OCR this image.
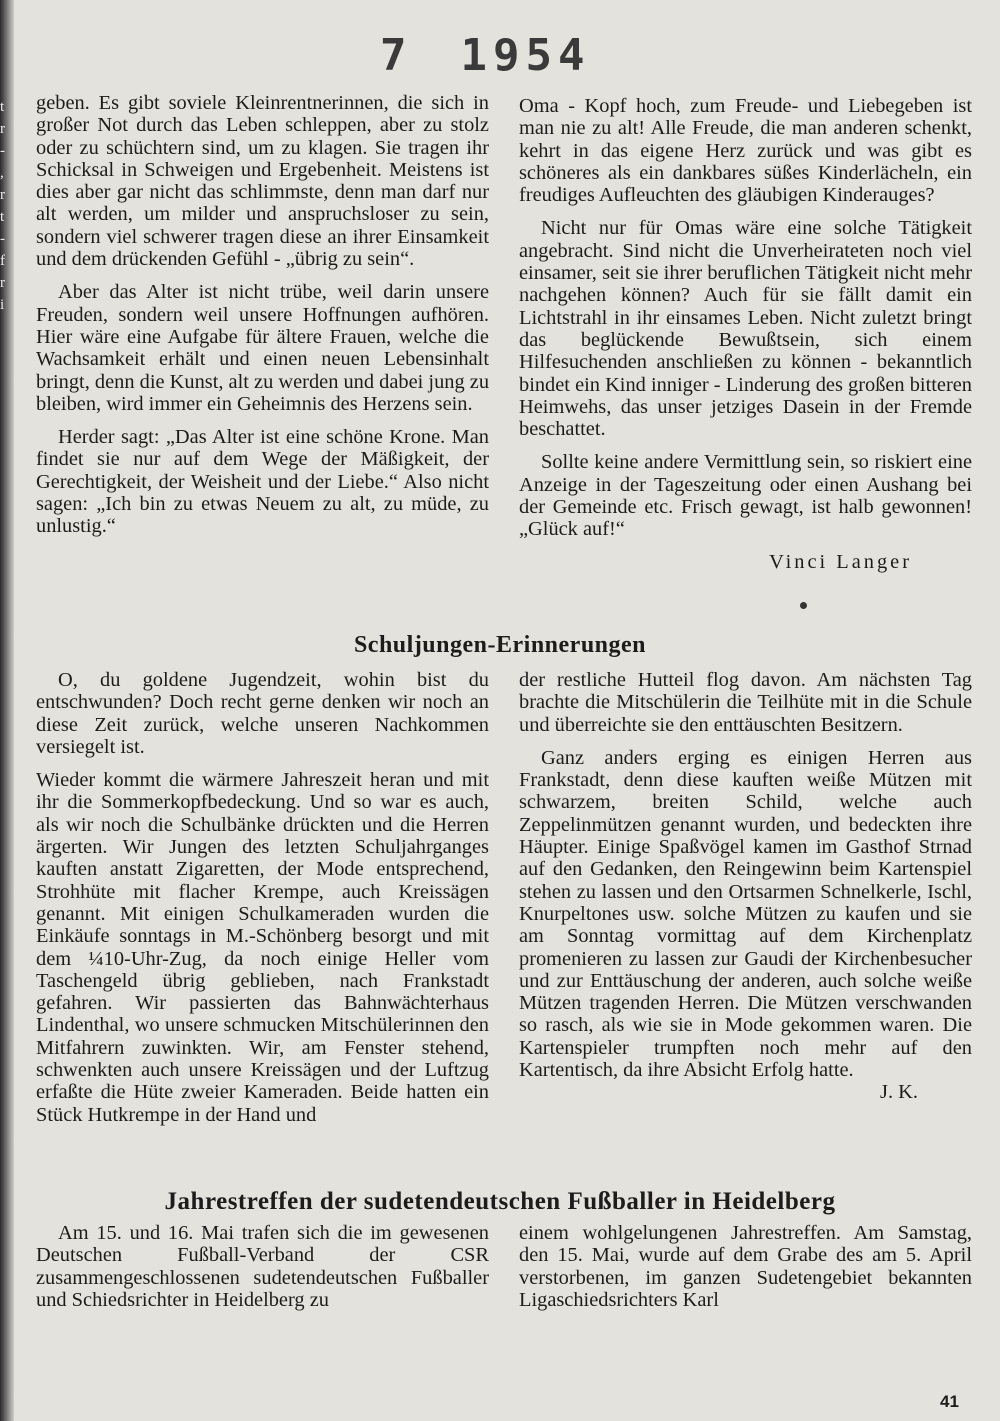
t
r
-
,
r
t
-
f
r
i
7 1954

geben. Es gibt soviele Kleinrentnerinnen, die sich in großer Not durch das Leben schleppen, aber zu stolz oder zu schüchtern sind, um zu klagen. Sie tragen ihr Schicksal in Schweigen und Ergebenheit. Meistens ist dies aber gar nicht das schlimmste, denn man darf nur alt werden, um milder und anspruchsloser zu sein, sondern viel schwerer tragen diese an ihrer Einsamkeit und dem drückenden Gefühl - „übrig zu sein“.

Aber das Alter ist nicht trübe, weil darin unsere Freuden, sondern weil unsere Hoffnungen aufhören. Hier wäre eine Aufgabe für ältere Frauen, welche die Wachsamkeit erhält und einen neuen Lebensinhalt bringt, denn die Kunst, alt zu werden und dabei jung zu bleiben, wird immer ein Geheimnis des Herzens sein.

Herder sagt: „Das Alter ist eine schöne Krone. Man findet sie nur auf dem Wege der Mäßigkeit, der Gerechtigkeit, der Weisheit und der Liebe.“ Also nicht sagen: „Ich bin zu etwas Neuem zu alt, zu müde, zu unlustig.“

Oma - Kopf hoch, zum Freude- und Liebegeben ist man nie zu alt! Alle Freude, die man anderen schenkt, kehrt in das eigene Herz zurück und was gibt es schöneres als ein dankbares süßes Kinderlächeln, ein freudiges Aufleuchten des gläubigen Kinderauges?

Nicht nur für Omas wäre eine solche Tätigkeit angebracht. Sind nicht die Unverheirateten noch viel einsamer, seit sie ihrer beruflichen Tätigkeit nicht mehr nachgehen können? Auch für sie fällt damit ein Lichtstrahl in ihr einsames Leben. Nicht zuletzt bringt das beglückende Bewußtsein, sich einem Hilfesuchenden anschließen zu können - bekanntlich bindet ein Kind inniger - Linderung des großen bitteren Heimwehs, das unser jetziges Dasein in der Fremde beschattet.

Sollte keine andere Vermittlung sein, so riskiert eine Anzeige in der Tageszeitung oder einen Aushang bei der Gemeinde etc. Frisch gewagt, ist halb gewonnen! „Glück auf!“

Vinci Langer
Schuljungen-Erinnerungen

O, du goldene Jugendzeit, wohin bist du entschwunden? Doch recht gerne denken wir noch an diese Zeit zurück, welche unseren Nachkommen versiegelt ist.

Wieder kommt die wärmere Jahreszeit heran und mit ihr die Sommerkopfbedeckung. Und so war es auch, als wir noch die Schulbänke drückten und die Herren ärgerten. Wir Jungen des letzten Schuljahrganges kauften anstatt Zigaretten, der Mode entsprechend, Strohhüte mit flacher Krempe, auch Kreissägen genannt. Mit einigen Schulkameraden wurden die Einkäufe sonntags in M.-Schönberg besorgt und mit dem ¼10-Uhr-Zug, da noch einige Heller vom Taschengeld übrig geblieben, nach Frankstadt gefahren. Wir passierten das Bahnwächterhaus Lindenthal, wo unsere schmucken Mitschülerinnen den Mitfahrern zuwinkten. Wir, am Fenster stehend, schwenkten auch unsere Kreissägen und der Luftzug erfaßte die Hüte zweier Kameraden. Beide hatten ein Stück Hutkrempe in der Hand und

der restliche Hutteil flog davon. Am nächsten Tag brachte die Mitschülerin die Teilhüte mit in die Schule und überreichte sie den enttäuschten Besitzern.

Ganz anders erging es einigen Herren aus Frankstadt, denn diese kauften weiße Mützen mit schwarzem, breiten Schild, welche auch Zeppelinmützen genannt wurden, und bedeckten ihre Häupter. Einige Spaßvögel kamen im Gasthof Strnad auf den Gedanken, den Reingewinn beim Kartenspiel stehen zu lassen und den Ortsarmen Schnelkerle, Ischl, Knurpeltones usw. solche Mützen zu kaufen und sie am Sonntag vormittag auf dem Kirchenplatz promenieren zu lassen zur Gaudi der Kirchenbesucher und zur Enttäuschung der anderen, auch solche weiße Mützen tragenden Herren. Die Mützen verschwanden so rasch, als wie sie in Mode gekommen waren. Die Kartenspieler trumpften noch mehr auf den Kartentisch, da ihre Absicht Erfolg hatte.

J. K.
Jahrestreffen der sudetendeutschen Fußballer in Heidelberg

Am 15. und 16. Mai trafen sich die im gewesenen Deutschen Fußball-Verband der CSR zusammengeschlossenen sudetendeutschen Fußballer und Schiedsrichter in Heidelberg zu

einem wohlgelungenen Jahrestreffen. Am Samstag, den 15. Mai, wurde auf dem Grabe des am 5. April verstorbenen, im ganzen Sudetengebiet bekannten Ligaschiedsrichters Karl

41
